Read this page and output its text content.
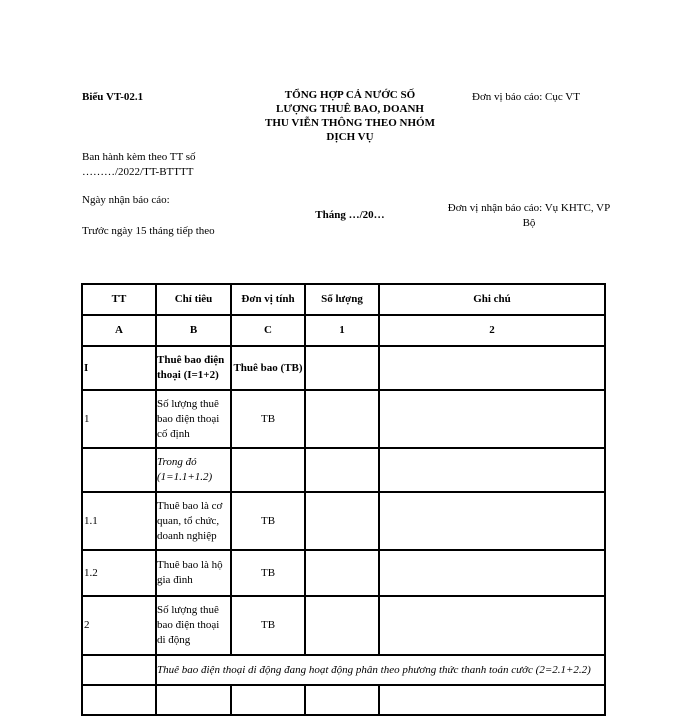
Biểu VT-02.1	TỔNG HỢP CẢ NƯỚC SỐ
LƯỢNG THUÊ BAO, DOANH
THU VIỄN THÔNG THEO NHÓM
DỊCH VỤ
Đơn vị báo cáo: Cục VT
Ban hành kèm theo TT số
………/2022/TT-BTTTT
Ngày nhận báo cáo:
Tháng …/20…
Đơn vị nhận báo cáo: Vụ KHTC, VP
Bộ
Trước ngày 15 tháng tiếp theo
TT	Chỉ tiêu	Đơn vị tính	Số lượng	Ghi chú
A	B	C	1	2
I	Thuê bao điện thoại (I=1+2)	Thuê bao (TB)		
1	Số lượng thuê bao điện thoại cố định	TB		
	Trong đó (1=1.1+1.2)			
1.1	Thuê bao là cơ quan, tổ chức, doanh nghiệp	TB		
1.2	Thuê bao là hộ gia đình	TB		
2	Số lượng thuê bao điện thoại di động	TB		
	Thuê bao điện thoại di động đang hoạt động phân theo phương thức thanh toán cước (2=2.1+2.2)			
